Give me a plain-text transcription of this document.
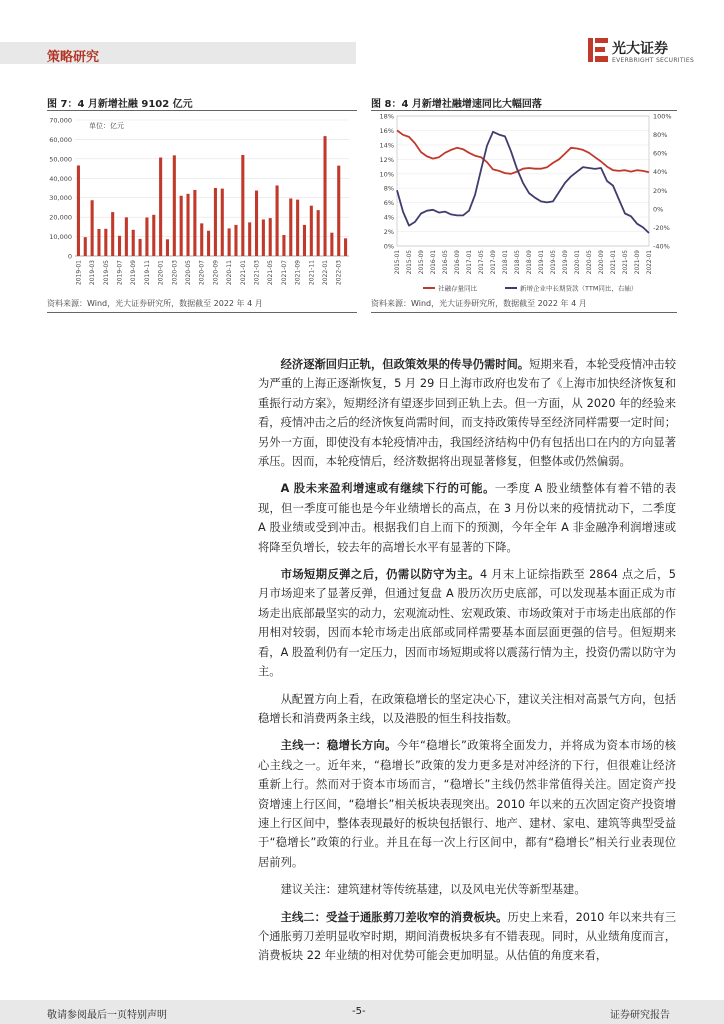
策略研究
光大证券
EVERBRIGHT SECURITIES
图 7：4 月新增社融 9102 亿元
0
10,000
20,000
30,000
40,000
50,000
60,000
70,000
单位：亿元
2019-01 2019-03 2019-05 2019-07 2019-09 2019-11 2020-01 2020-03 2020-05 2020-07 2020-09 2020-11 2021-01 2021-03 2021-05 2021-07 2021-09 2021-11 2022-01 2022-03
资料来源：Wind，光大证券研究所，数据截至 2022 年 4 月
图 8：4 月新增社融增速同比大幅回落
0%
2%
4%
6%
8%
10%
12%
14%
16%
18%
-40%
-20%
0%
20%
40%
60%
80%
100%
2015-01 2015-05 2015-09 2016-01 2016-05 2016-09 2017-01 2017-05 2017-09 2018-01 2018-05 2018-09 2019-01 2019-05 2019-09 2020-01 2020-05 2020-09 2021-01 2021-05 2021-09 2022-01
社融存量同比	新增企业中长期贷款（TTM同比，右轴）
资料来源：Wind，光大证券研究所，数据截至 2022 年 4 月

经济逐渐回归正轨，但政策效果的传导仍需时间。短期来看，本轮受疫情冲击较为严重的上海正逐渐恢复，5 月 29 日上海市政府也发布了《上海市加快经济恢复和重振行动方案》，短期经济有望逐步回到正轨上去。但一方面，从 2020 年的经验来看，疫情冲击之后的经济恢复尚需时间，而支持政策传导至经济同样需要一定时间；另外一方面，即使没有本轮疫情冲击，我国经济结构中仍有包括出口在内的方向显著承压。因而，本轮疫情后，经济数据将出现显著修复，但整体或仍然偏弱。

A 股未来盈利增速或有继续下行的可能。一季度 A 股业绩整体有着不错的表现，但一季度可能也是今年业绩增长的高点，在 3 月份以来的疫情扰动下，二季度 A 股业绩或受到冲击。根据我们自上而下的预测，今年全年 A 非金融净利润增速或将降至负增长，较去年的高增长水平有显著的下降。

市场短期反弹之后，仍需以防守为主。4 月末上证综指跌至 2864 点之后，5 月市场迎来了显著反弹，但通过复盘 A 股历次历史底部，可以发现基本面正成为市场走出底部最坚实的动力，宏观流动性、宏观政策、市场政策对于市场走出底部的作用相对较弱，因而本轮市场走出底部或同样需要基本面层面更强的信号。但短期来看，A 股盈利仍有一定压力，因而市场短期或将以震荡行情为主，投资仍需以防守为主。

从配置方向上看，在政策稳增长的坚定决心下，建议关注相对高景气方向，包括稳增长和消费两条主线，以及港股的恒生科技指数。

主线一：稳增长方向。今年“稳增长”政策将全面发力，并将成为资本市场的核心主线之一。近年来，“稳增长”政策的发力更多是对冲经济的下行，但很难让经济重新上行。然而对于资本市场而言，“稳增长”主线仍然非常值得关注。固定资产投资增速上行区间，“稳增长”相关板块表现突出。2010 年以来的五次固定资产投资增速上行区间中，整体表现最好的板块包括银行、地产、建材、家电、建筑等典型受益于“稳增长”政策的行业。并且在每一次上行区间中，都有“稳增长”相关行业表现位居前列。

建议关注：建筑建材等传统基建，以及风电光伏等新型基建。

主线二：受益于通胀剪刀差收窄的消费板块。历史上来看，2010 年以来共有三个通胀剪刀差明显收窄时期，期间消费板块多有不错表现。同时，从业绩角度而言，消费板块 22 年业绩的相对优势可能会更加明显。从估值的角度来看，

敬请参阅最后一页特别声明	-5-	证券研究报告
